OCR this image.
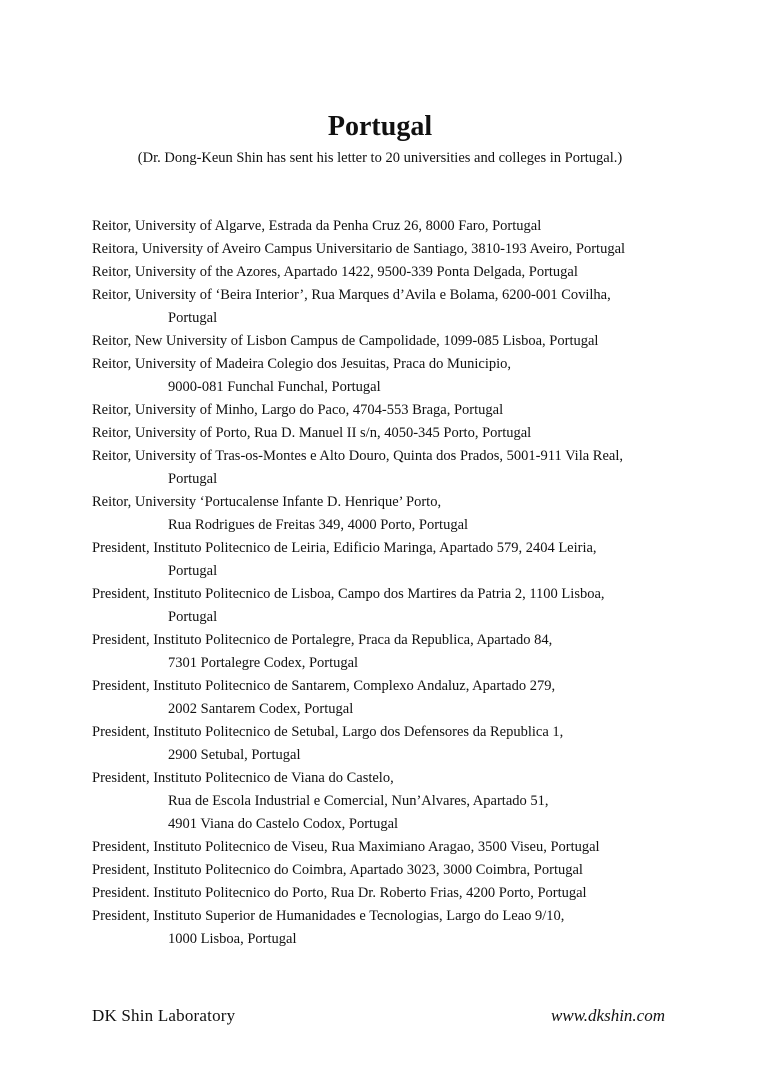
Portugal

(Dr. Dong-Keun Shin has sent his letter to 20 universities and colleges in Portugal.)

Reitor, University of Algarve, Estrada da Penha Cruz 26, 8000 Faro, Portugal

Reitora, University of Aveiro Campus Universitario de Santiago, 3810-193 Aveiro, Portugal

Reitor, University of the Azores, Apartado 1422, 9500-339 Ponta Delgada, Portugal

Reitor, University of ‘Beira Interior’, Rua Marques d’Avila e Bolama, 6200-001 Covilha,
Portugal

Reitor, New University of Lisbon Campus de Campolidade, 1099-085 Lisboa, Portugal

Reitor, University of Madeira Colegio dos Jesuitas, Praca do Municipio,
9000-081 Funchal Funchal, Portugal

Reitor, University of Minho, Largo do Paco, 4704-553 Braga, Portugal

Reitor, University of Porto, Rua D. Manuel II s/n, 4050-345 Porto, Portugal

Reitor, University of Tras-os-Montes e Alto Douro, Quinta dos Prados, 5001-911 Vila Real,
Portugal

Reitor, University ‘Portucalense Infante D. Henrique’ Porto,
Rua Rodrigues de Freitas 349, 4000 Porto, Portugal

President, Instituto Politecnico de Leiria, Edificio Maringa, Apartado 579, 2404 Leiria,
Portugal

President, Instituto Politecnico de Lisboa, Campo dos Martires da Patria 2, 1100 Lisboa,
Portugal

President, Instituto Politecnico de Portalegre, Praca da Republica, Apartado 84,
7301 Portalegre Codex, Portugal

President, Instituto Politecnico de Santarem, Complexo Andaluz, Apartado 279,
2002 Santarem Codex, Portugal

President, Instituto Politecnico de Setubal, Largo dos Defensores da Republica 1,
2900 Setubal, Portugal

President, Instituto Politecnico de Viana do Castelo,
Rua de Escola Industrial e Comercial, Nun’Alvares, Apartado 51,
4901 Viana do Castelo Codox, Portugal

President, Instituto Politecnico de Viseu, Rua Maximiano Aragao, 3500 Viseu, Portugal

President, Instituto Politecnico do Coimbra, Apartado 3023, 3000 Coimbra, Portugal

President. Instituto Politecnico do Porto, Rua Dr. Roberto Frias, 4200 Porto, Portugal

President, Instituto Superior de Humanidades e Tecnologias, Largo do Leao 9/10,
1000 Lisboa, Portugal

DK Shin Laboratory	www.dkshin.com
